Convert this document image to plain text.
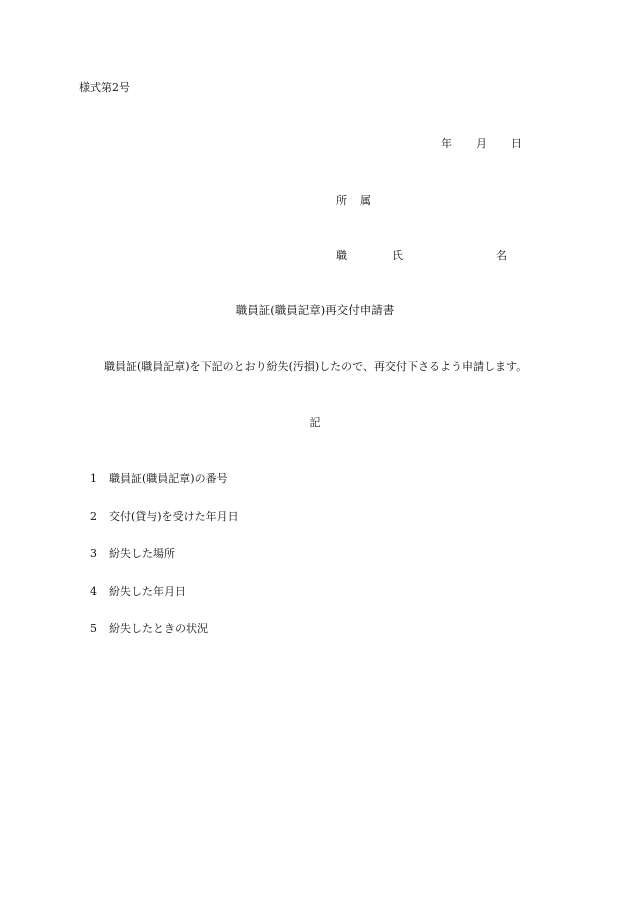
様式第2号
年 月 日
所 属
職	氏	名
職員証(職員記章)再交付申請書
職員証(職員記章)を下記のとおり紛失(汚損)したので、再交付下さるよう申請します。
記
1 職員証(職員記章)の番号
2 交付(貸与)を受けた年月日
3 紛失した場所
4 紛失した年月日
5 紛失したときの状況
